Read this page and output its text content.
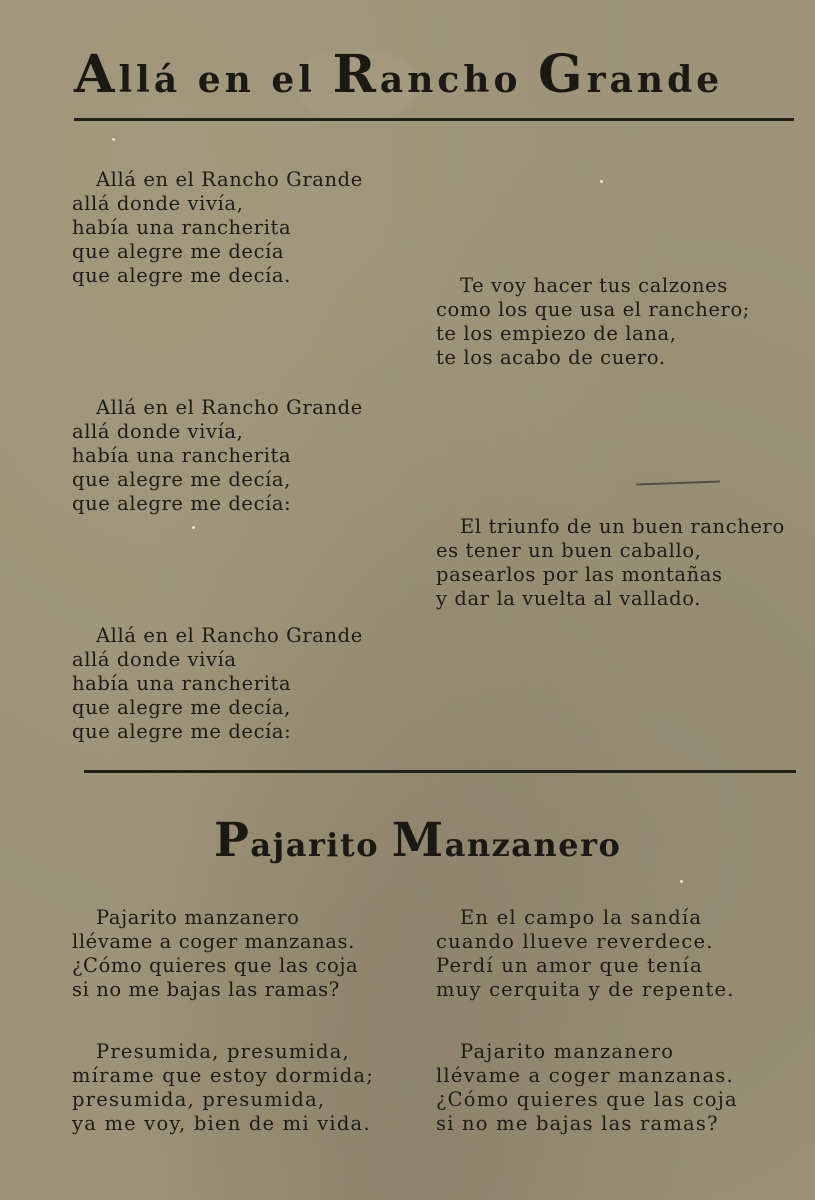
Allá en el Rancho Grande

Allá en el Rancho Grande
allá donde vivía,
había una rancherita
que alegre me decía
que alegre me decía.	Te voy hacer tus calzones
como los que usa el ranchero;
te los empiezo de lana,
te los acabo de cuero.

Allá en el Rancho Grande
allá donde vivía,
había una rancherita
que alegre me decía,
que alegre me decía:

El triunfo de un buen ranchero
es tener un buen caballo,
pasearlos por las montañas
y dar la vuelta al vallado.

Allá en el Rancho Grande
allá donde vivía
había una rancherita
que alegre me decía,
que alegre me decía:

Pajarito Manzanero

Pajarito manzanero
llévame a coger manzanas.
¿Cómo quieres que las coja
si no me bajas las ramas?

En el campo la sandía
cuando llueve reverdece.
Perdí un amor que tenía
muy cerquita y de repente.

Presumida, presumida,
mírame que estoy dormida;
presumida, presumida,
ya me voy, bien de mi vida.

Pajarito manzanero
llévame a coger manzanas.
¿Cómo quieres que las coja
si no me bajas las ramas?
